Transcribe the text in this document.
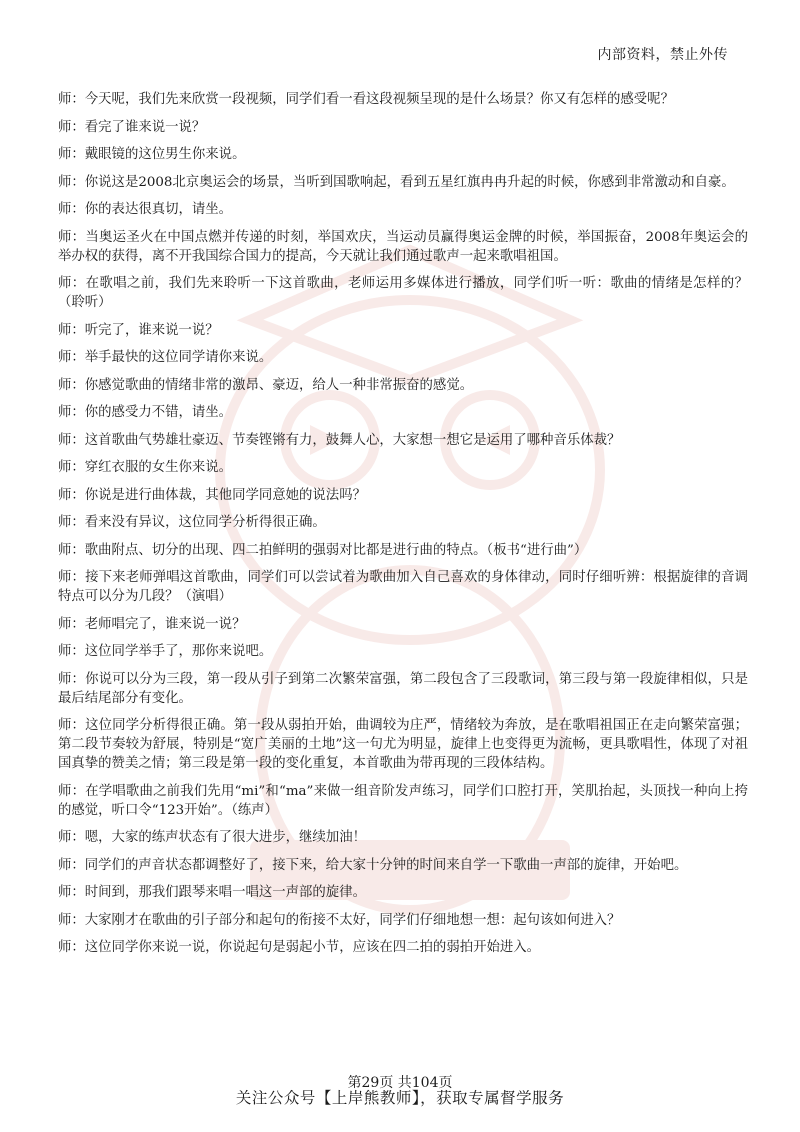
内部资料，禁止外传

师：今天呢，我们先来欣赏一段视频，同学们看一看这段视频呈现的是什么场景？你又有怎样的感受呢？

师：看完了谁来说一说？

师：戴眼镜的这位男生你来说。

师：你说这是2008北京奥运会的场景，当听到国歌响起，看到五星红旗冉冉升起的时候，你感到非常激动和自豪。

师：你的表达很真切，请坐。

师：当奥运圣火在中国点燃并传递的时刻，举国欢庆，当运动员赢得奥运金牌的时候，举国振奋，2008年奥运会的举办权的获得，离不开我国综合国力的提高，今天就让我们通过歌声一起来歌唱祖国。

师：在歌唱之前，我们先来聆听一下这首歌曲，老师运用多媒体进行播放，同学们听一听：歌曲的情绪是怎样的？（聆听）

师：听完了，谁来说一说？

师：举手最快的这位同学请你来说。

师：你感觉歌曲的情绪非常的激昂、豪迈，给人一种非常振奋的感觉。

师：你的感受力不错，请坐。

师：这首歌曲气势雄壮豪迈、节奏铿锵有力，鼓舞人心，大家想一想它是运用了哪种音乐体裁？

师：穿红衣服的女生你来说。

师：你说是进行曲体裁，其他同学同意她的说法吗？

师：看来没有异议，这位同学分析得很正确。

师：歌曲附点、切分的出现、四二拍鲜明的强弱对比都是进行曲的特点。（板书“进行曲”）

师：接下来老师弹唱这首歌曲，同学们可以尝试着为歌曲加入自己喜欢的身体律动，同时仔细听辨：根据旋律的音调特点可以分为几段？（演唱）

师：老师唱完了，谁来说一说？

师：这位同学举手了，那你来说吧。

师：你说可以分为三段，第一段从引子到第二次繁荣富强，第二段包含了三段歌词，第三段与第一段旋律相似，只是最后结尾部分有变化。

师：这位同学分析得很正确。第一段从弱拍开始，曲调较为庄严，情绪较为奔放，是在歌唱祖国正在走向繁荣富强；第二段节奏较为舒展，特别是“宽广美丽的土地”这一句尤为明显，旋律上也变得更为流畅，更具歌唱性，体现了对祖国真挚的赞美之情；第三段是第一段的变化重复，本首歌曲为带再现的三段体结构。

师：在学唱歌曲之前我们先用“mi”和“ma”来做一组音阶发声练习，同学们口腔打开，笑肌抬起，头顶找一种向上挎的感觉，听口令“123开始”。（练声）

师：嗯，大家的练声状态有了很大进步，继续加油！

师：同学们的声音状态都调整好了，接下来，给大家十分钟的时间来自学一下歌曲一声部的旋律，开始吧。

师：时间到，那我们跟琴来唱一唱这一声部的旋律。

师：大家刚才在歌曲的引子部分和起句的衔接不太好，同学们仔细地想一想：起句该如何进入？

师：这位同学你来说一说，你说起句是弱起小节，应该在四二拍的弱拍开始进入。

第29页 共104页
关注公众号【上岸熊教师】，获取专属督学服务
